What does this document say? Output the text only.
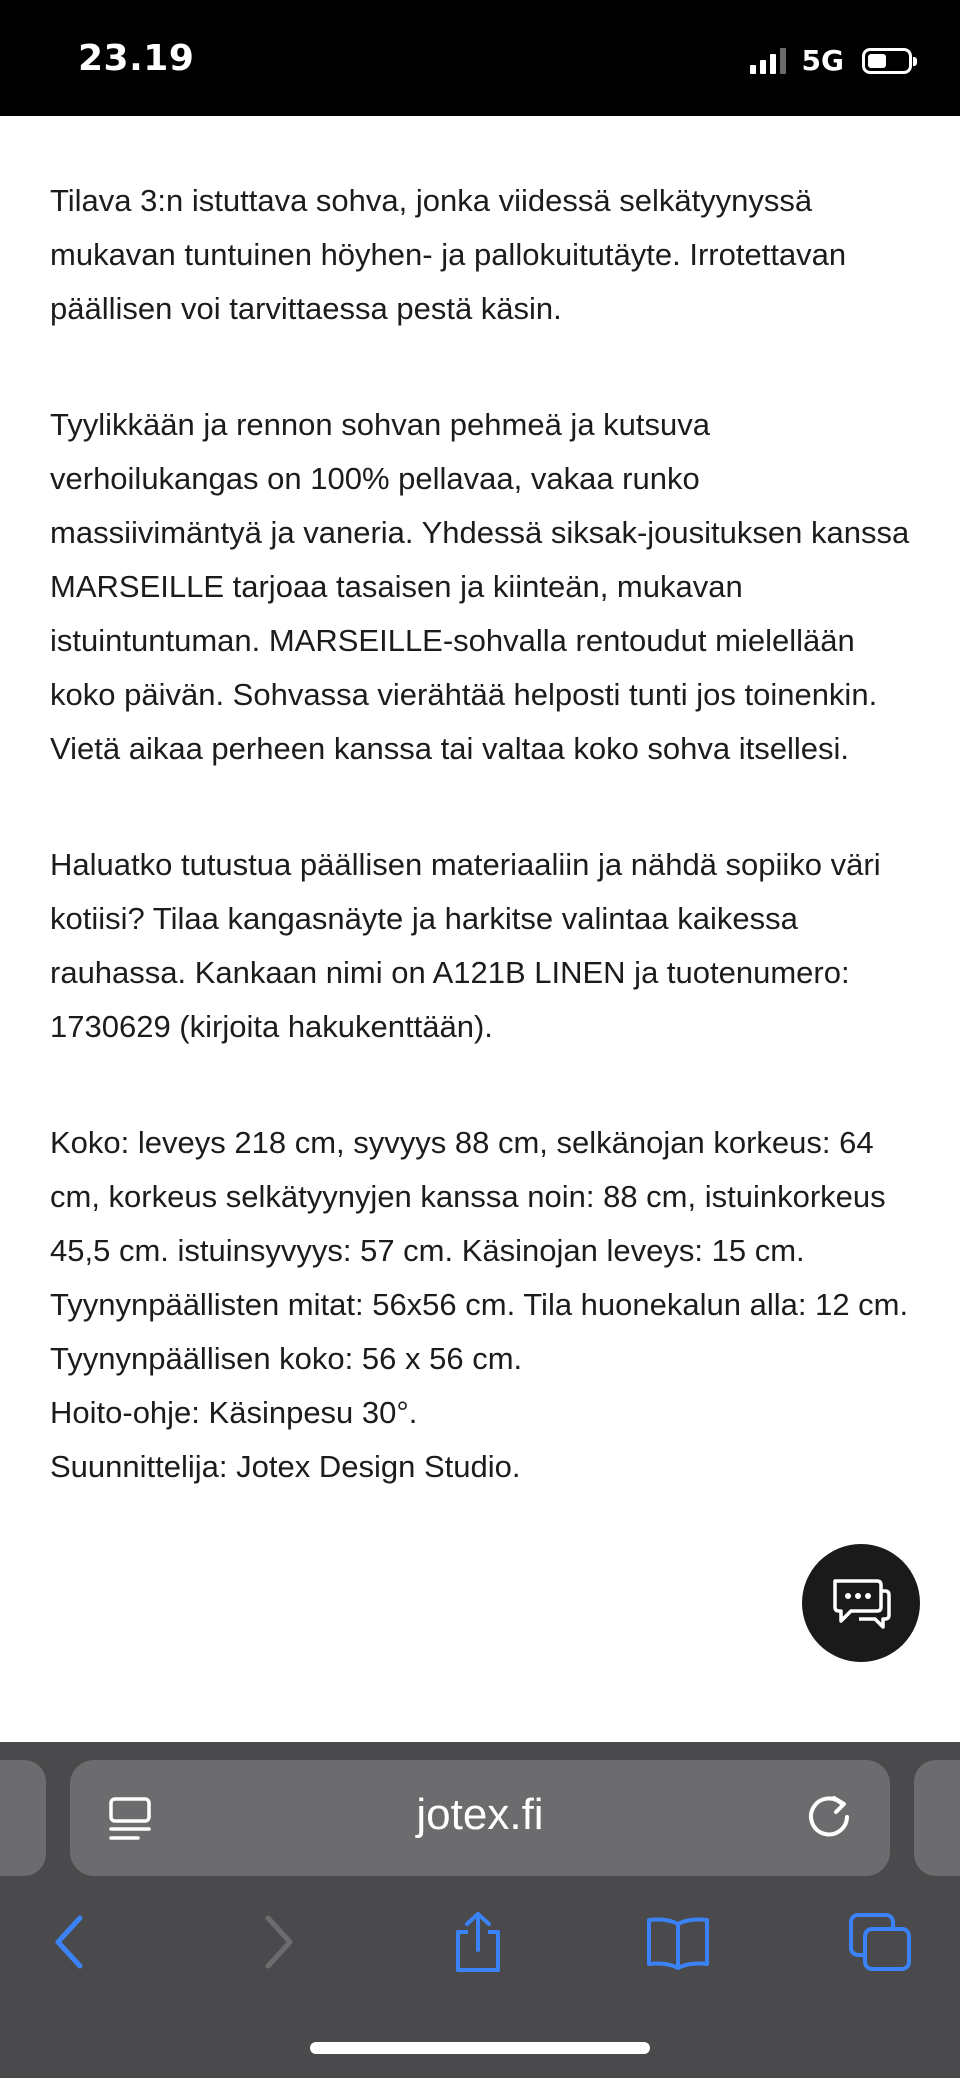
23.19	5G

Tilava 3:n istuttava sohva, jonka viidessä selkätyynyssä mukavan tuntuinen höyhen- ja pallokuitutäyte. Irrotettavan päällisen voi tarvittaessa pestä käsin.

Tyylikkään ja rennon sohvan pehmeä ja kutsuva verhoilukangas on 100% pellavaa, vakaa runko massiivimäntyä ja vaneria. Yhdessä siksak-jousituksen kanssa MARSEILLE tarjoaa tasaisen ja kiinteän, mukavan istuintuntuman. MARSEILLE-sohvalla rentoudut mielellään koko päivän. Sohvassa vierähtää helposti tunti jos toinenkin. Vietä aikaa perheen kanssa tai valtaa koko sohva itsellesi.

Haluatko tutustua päällisen materiaaliin ja nähdä sopiiko väri kotiisi? Tilaa kangasnäyte ja harkitse valintaa kaikessa rauhassa. Kankaan nimi on A121B LINEN ja tuotenumero: 1730629 (kirjoita hakukenttään).

Koko: leveys 218 cm, syvyys 88 cm, selkänojan korkeus: 64 cm, korkeus selkätyynyjen kanssa noin: 88 cm, istuinkorkeus 45,5 cm. istuinsyvyys: 57 cm. Käsinojan leveys: 15 cm. Tyynynpäällisten mitat: 56x56 cm. Tila huonekalun alla: 12 cm.
Tyynynpäällisen koko: 56 x 56 cm.
Hoito-ohje: Käsinpesu 30°.
Suunnittelija: Jotex Design Studio.

jotex.fi
